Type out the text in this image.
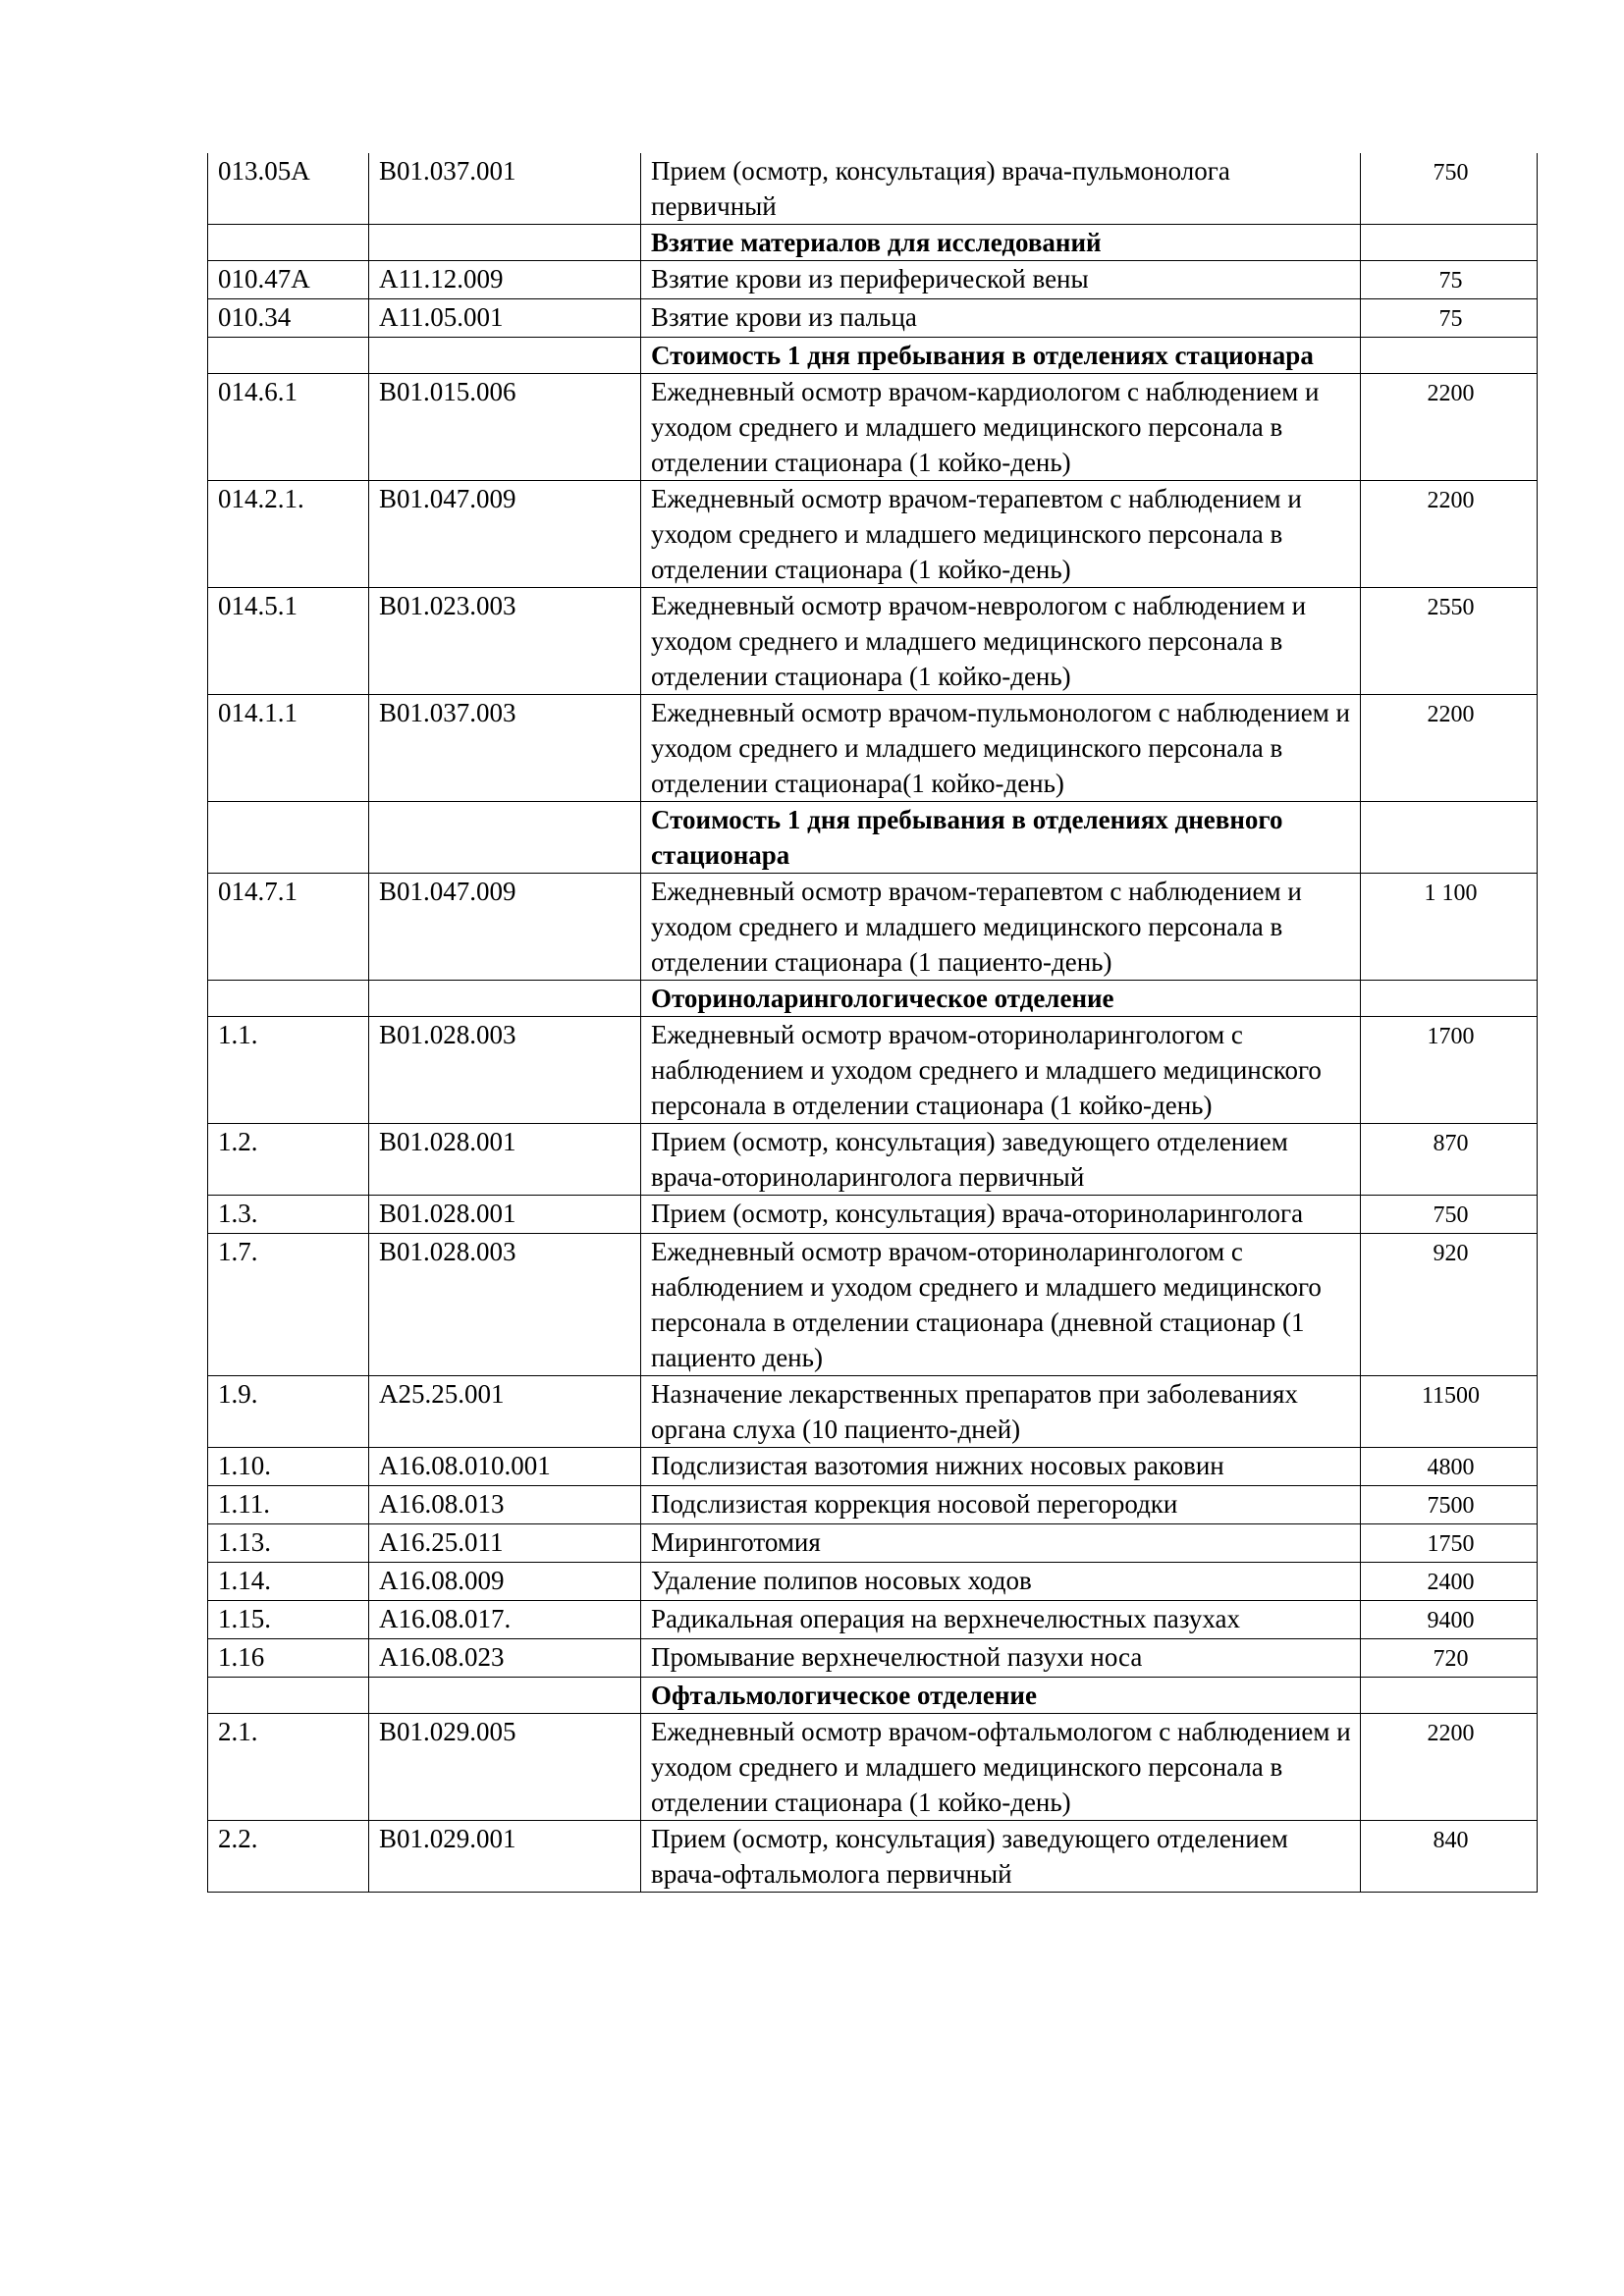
013.05А	В01.037.001	Прием (осмотр, консультация) врача-пульмонолога первичный	750
		Взятие материалов для исследований	
010.47А	А11.12.009	Взятие крови из периферической вены	75
010.34	А11.05.001	Взятие крови из пальца	75
		Стоимость 1 дня пребывания в отделениях стационара	
014.6.1	В01.015.006	Ежедневный осмотр врачом-кардиологом с наблюдением и уходом среднего и младшего медицинского персонала в отделении стационара (1 койко-день)	2200
014.2.1.	В01.047.009	Ежедневный осмотр врачом-терапевтом с наблюдением и уходом среднего и младшего медицинского персонала в отделении стационара (1 койко-день)	2200
014.5.1	В01.023.003	Ежедневный осмотр врачом-неврологом с наблюдением и уходом среднего и младшего медицинского персонала в отделении стационара (1 койко-день)	2550
014.1.1	В01.037.003	Ежедневный осмотр врачом-пульмонологом с наблюдением и уходом среднего и младшего медицинского персонала в отделении стационара(1 койко-день)	2200
		Стоимость 1 дня пребывания в отделениях дневного стационара	
014.7.1	В01.047.009	Ежедневный осмотр врачом-терапевтом с наблюдением и уходом среднего и младшего медицинского персонала в отделении стационара (1 пациенто-день)	1 100
		Оториноларингологическое отделение	
1.1.	В01.028.003	Ежедневный осмотр врачом-оториноларингологом с наблюдением и уходом среднего и младшего медицинского персонала в отделении стационара (1 койко-день)	1700
1.2.	В01.028.001	Прием (осмотр, консультация) заведующего отделением врача-оториноларинголога первичный	870
1.3.	В01.028.001	Прием (осмотр, консультация) врача-оториноларинголога	750
1.7.	В01.028.003	Ежедневный осмотр врачом-оториноларингологом с наблюдением и уходом среднего и младшего медицинского персонала в отделении стационара (дневной стационар (1 пациенто день)	920
1.9.	А25.25.001	Назначение лекарственных препаратов при заболеваниях органа слуха (10 пациенто-дней)	11500
1.10.	А16.08.010.001	Подслизистая вазотомия нижних носовых раковин	4800
1.11.	А16.08.013	Подслизистая коррекция носовой перегородки	7500
1.13.	А16.25.011	Миринготомия	1750
1.14.	А16.08.009	Удаление полипов носовых ходов	2400
1.15.	А16.08.017.	Радикальная операция на верхнечелюстных пазухах	9400
1.16	А16.08.023	Промывание верхнечелюстной пазухи носа	720
		Офтальмологическое отделение	
2.1.	В01.029.005	Ежедневный осмотр врачом-офтальмологом с наблюдением и уходом среднего и младшего медицинского персонала в отделении стационара (1 койко-день)	2200
2.2.	В01.029.001	Прием (осмотр, консультация) заведующего отделением врача-офтальмолога первичный	840
